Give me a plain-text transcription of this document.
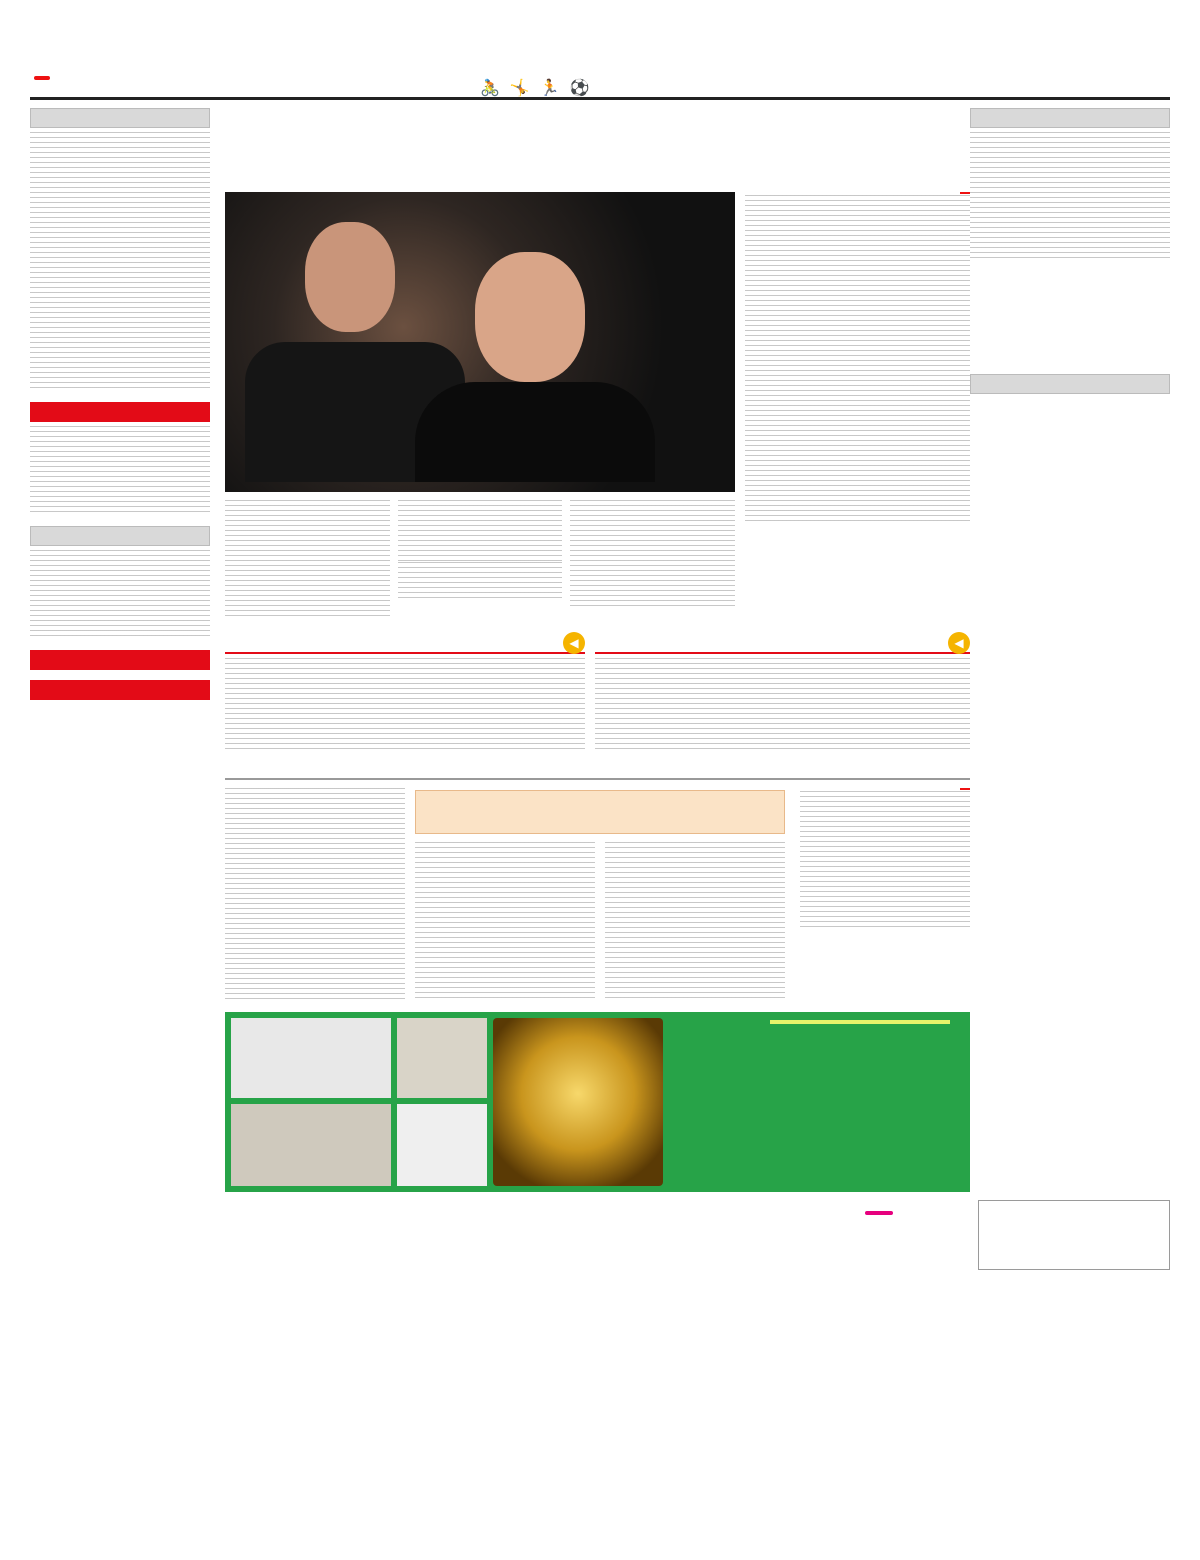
⚽🏃🤸🚴
◀
◀
